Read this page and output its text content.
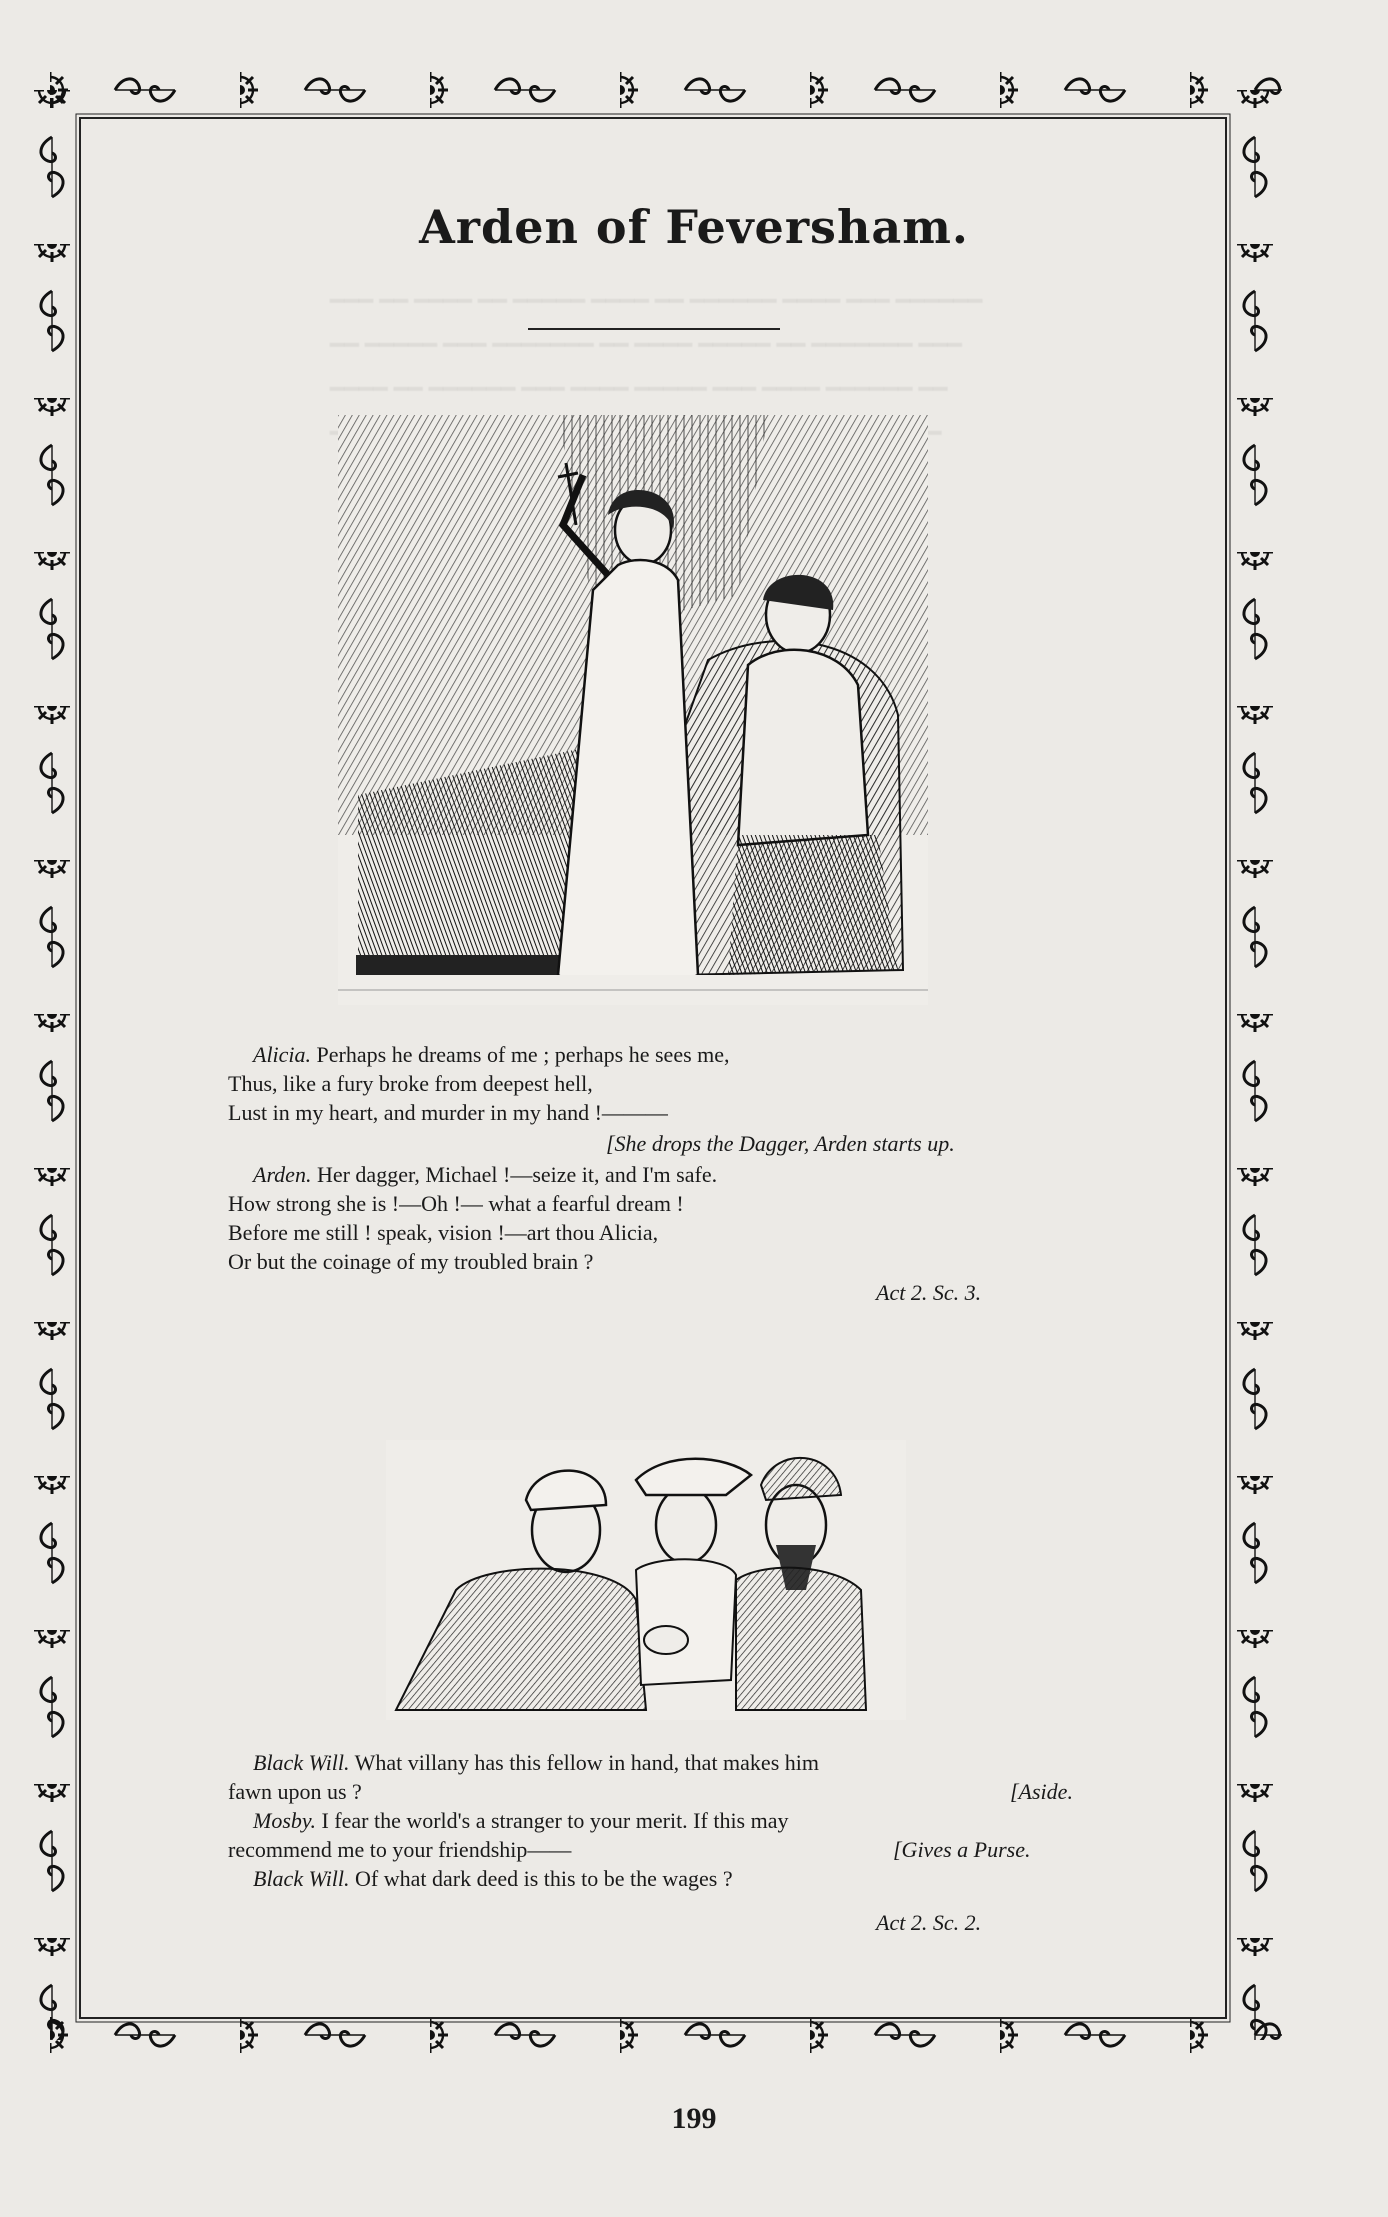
━━━ ━━ ━━━━ ━━ ━━━━━ ━━━━ ━━ ━━━━━━ ━━━━ ━━━ ━━━━━━
━━ ━━━━━ ━━━ ━━━━━━━ ━━ ━━━━ ━━━━━ ━━ ━━━━━━━ ━━━
━━━━ ━━ ━━━━━━ ━━━ ━━━━ ━━━━━ ━━━ ━━━━ ━━━━━━ ━━

Arden of Feversham.
Alicia. Perhaps he dreams of me ; perhaps he sees me,
Thus, like a fury broke from deepest hell,
Lust in my heart, and murder in my hand !———
[She drops the Dagger, Arden starts up.
Arden. Her dagger, Michael !—seize it, and I'm safe.
How strong she is !—Oh !— what a fearful dream !
Before me still ! speak, vision !—art thou Alicia,
Or but the coinage of my troubled brain ?
Act 2. Sc. 3.
Black Will. What villany has this fellow in hand, that makes him
fawn upon us ?	[Aside.
Mosby. I fear the world's a stranger to your merit. If this may
recommend me to your friendship——	[Gives a Purse.
Black Will. Of what dark deed is this to be the wages ?
Act 2. Sc. 2.
199
